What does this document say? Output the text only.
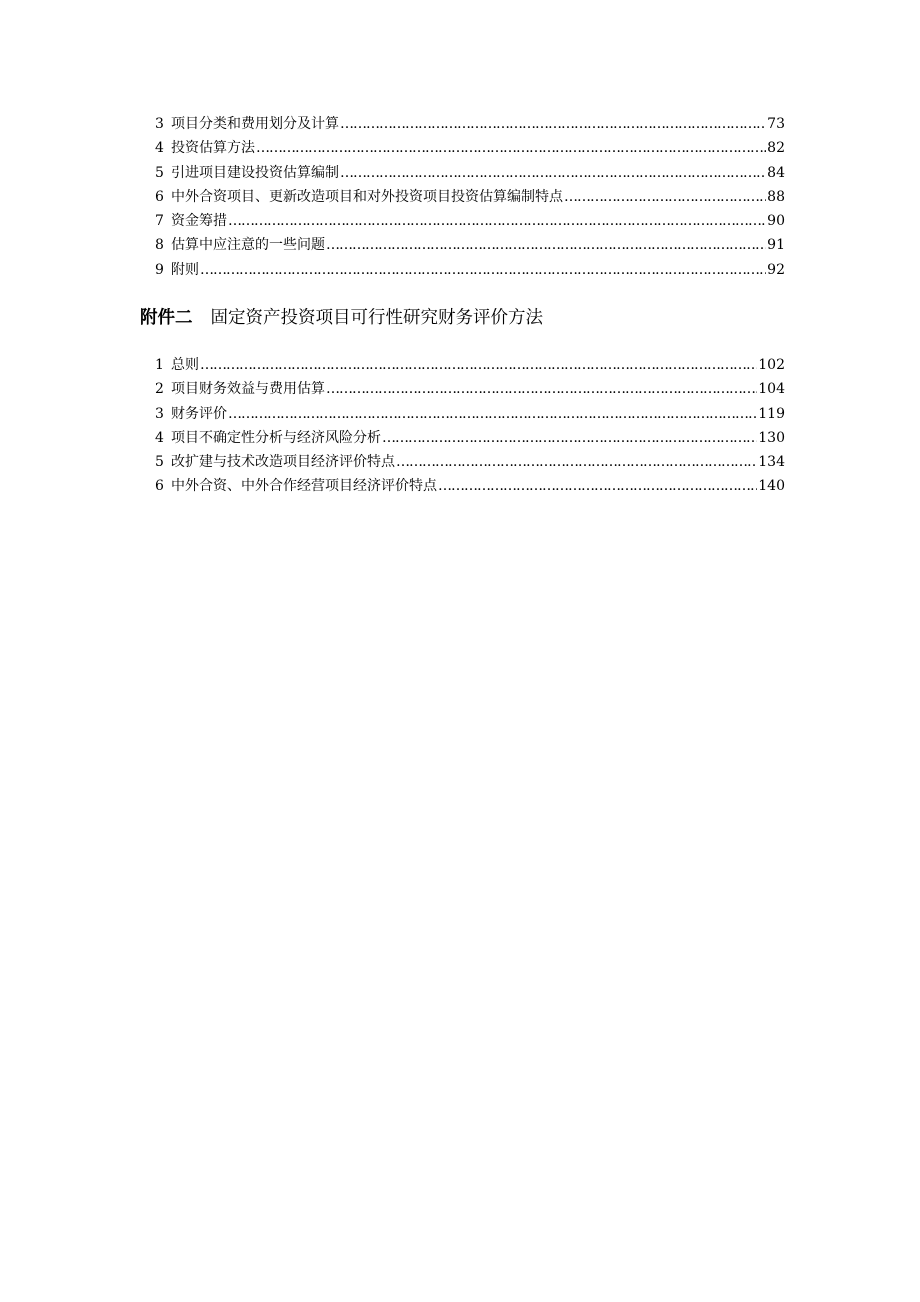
3 项目分类和费用划分及计算 …………………………………………………………………………………………………………………………………………………………………………………………………	73
4 投资估算方法 …………………………………………………………………………………………………………………………………………………………………………………………………	82
5 引进项目建设投资估算编制 …………………………………………………………………………………………………………………………………………………………………………………………………	84
6 中外合资项目、更新改造项目和对外投资项目投资估算编制特点 …………………………………………………………………………………………………………………………………………………………………………………………………	88
7 资金筹措 …………………………………………………………………………………………………………………………………………………………………………………………………	90
8 估算中应注意的一些问题 …………………………………………………………………………………………………………………………………………………………………………………………………	91
9 附则 …………………………………………………………………………………………………………………………………………………………………………………………………	92
附件二 固定资产投资项目可行性研究财务评价方法
1 总则 …………………………………………………………………………………………………………………………………………………………………………………………………	102
2 项目财务效益与费用估算 …………………………………………………………………………………………………………………………………………………………………………………………………	104
3 财务评价 …………………………………………………………………………………………………………………………………………………………………………………………………	119
4 项目不确定性分析与经济风险分析 …………………………………………………………………………………………………………………………………………………………………………………………………	130
5 改扩建与技术改造项目经济评价特点 …………………………………………………………………………………………………………………………………………………………………………………………………	134
6 中外合资、中外合作经营项目经济评价特点 …………………………………………………………………………………………………………………………………………………………………………………………………	140
